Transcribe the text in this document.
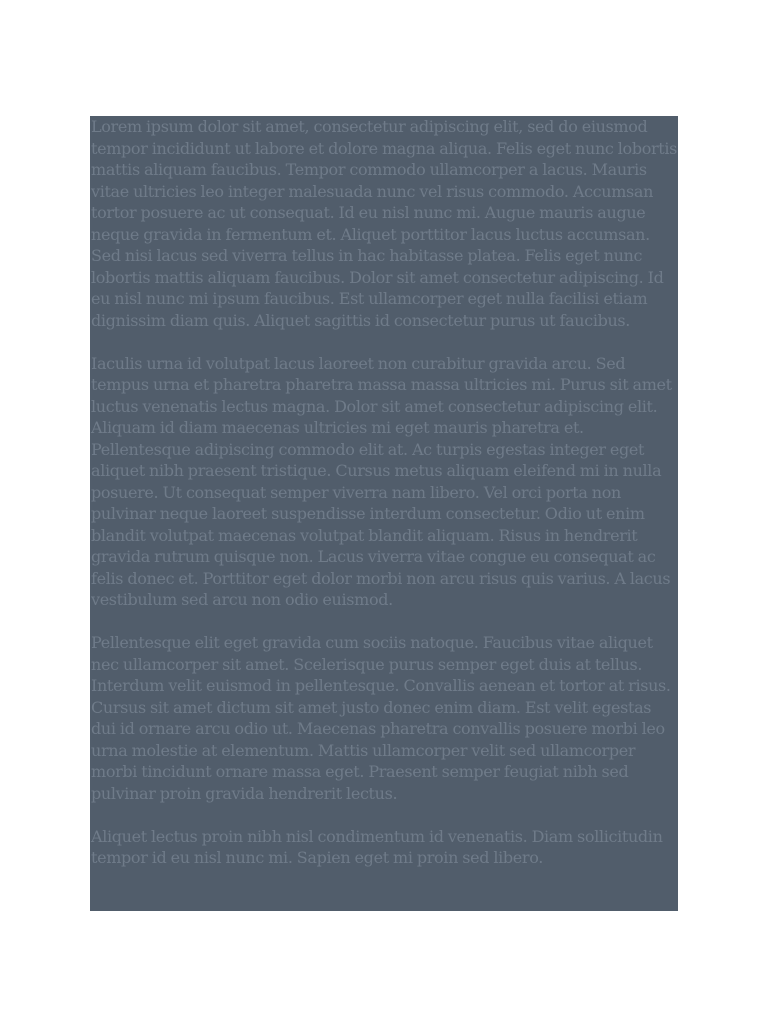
Lorem ipsum dolor sit amet, consectetur adipiscing elit, sed do eiusmod tempor incididunt ut labore et dolore magna aliqua. Felis eget nunc lobortis mattis aliquam faucibus. Tempor commodo ullamcorper a lacus. Mauris vitae ultricies leo integer malesuada nunc vel risus commodo. Accumsan tortor posuere ac ut consequat. Id eu nisl nunc mi. Augue mauris augue neque gravida in fermentum et. Aliquet porttitor lacus luctus accumsan. Sed nisi lacus sed viverra tellus in hac habitasse platea. Felis eget nunc lobortis mattis aliquam faucibus. Dolor sit amet consectetur adipiscing. Id eu nisl nunc mi ipsum faucibus. Est ullamcorper eget nulla facilisi etiam dignissim diam quis. Aliquet sagittis id consectetur purus ut faucibus.

Iaculis urna id volutpat lacus laoreet non curabitur gravida arcu. Sed tempus urna et pharetra pharetra massa massa ultricies mi. Purus sit amet luctus venenatis lectus magna. Dolor sit amet consectetur adipiscing elit. Aliquam id diam maecenas ultricies mi eget mauris pharetra et. Pellentesque adipiscing commodo elit at. Ac turpis egestas integer eget aliquet nibh praesent tristique. Cursus metus aliquam eleifend mi in nulla posuere. Ut consequat semper viverra nam libero. Vel orci porta non pulvinar neque laoreet suspendisse interdum consectetur. Odio ut enim blandit volutpat maecenas volutpat blandit aliquam. Risus in hendrerit gravida rutrum quisque non. Lacus viverra vitae congue eu consequat ac felis donec et. Porttitor eget dolor morbi non arcu risus quis varius. A lacus vestibulum sed arcu non odio euismod.

Pellentesque elit eget gravida cum sociis natoque. Faucibus vitae aliquet nec ullamcorper sit amet. Scelerisque purus semper eget duis at tellus. Interdum velit euismod in pellentesque. Convallis aenean et tortor at risus. Cursus sit amet dictum sit amet justo donec enim diam. Est velit egestas dui id ornare arcu odio ut. Maecenas pharetra convallis posuere morbi leo urna molestie at elementum. Mattis ullamcorper velit sed ullamcorper morbi tincidunt ornare massa eget. Praesent semper feugiat nibh sed pulvinar proin gravida hendrerit lectus.

Aliquet lectus proin nibh nisl condimentum id venenatis. Diam sollicitudin tempor id eu nisl nunc mi. Sapien eget mi proin sed libero.
